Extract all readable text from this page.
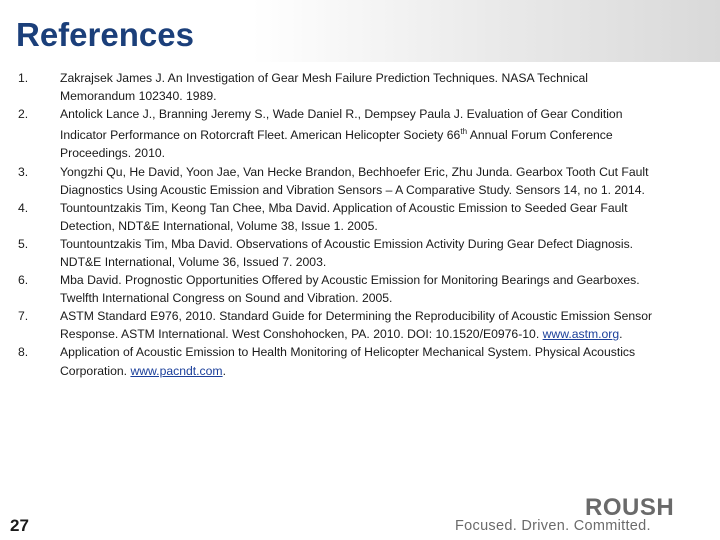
References
1.	Zakrajsek James J. An Investigation of Gear Mesh Failure Prediction Techniques. NASA Technical Memorandum 102340. 1989.
2.	Antolick Lance J., Branning Jeremy S., Wade Daniel R., Dempsey Paula J. Evaluation of Gear Condition Indicator Performance on Rotorcraft Fleet. American Helicopter Society 66th Annual Forum Conference Proceedings. 2010.
3.	Yongzhi Qu, He David, Yoon Jae, Van Hecke Brandon, Bechhoefer Eric, Zhu Junda. Gearbox Tooth Cut Fault Diagnostics Using Acoustic Emission and Vibration Sensors – A Comparative Study. Sensors 14, no 1. 2014.
4.	Tountountzakis Tim, Keong Tan Chee, Mba David. Application of Acoustic Emission to Seeded Gear Fault Detection, NDT&E International, Volume 38, Issue 1. 2005.
5.	Tountountzakis Tim, Mba David. Observations of Acoustic Emission Activity During Gear Defect Diagnosis. NDT&E International, Volume 36, Issued 7. 2003.
6.	Mba David. Prognostic Opportunities Offered by Acoustic Emission for Monitoring Bearings and Gearboxes. Twelfth International Congress on Sound and Vibration. 2005.
7.	ASTM Standard E976, 2010. Standard Guide for Determining the Reproducibility of Acoustic Emission Sensor Response. ASTM International. West Conshohocken, PA. 2010. DOI: 10.1520/E0976-10. www.astm.org.
8.	Application of Acoustic Emission to Health Monitoring of Helicopter Mechanical System. Physical Acoustics Corporation. www.pacndt.com.
27
ROUSH
Focused. Driven. Committed.
